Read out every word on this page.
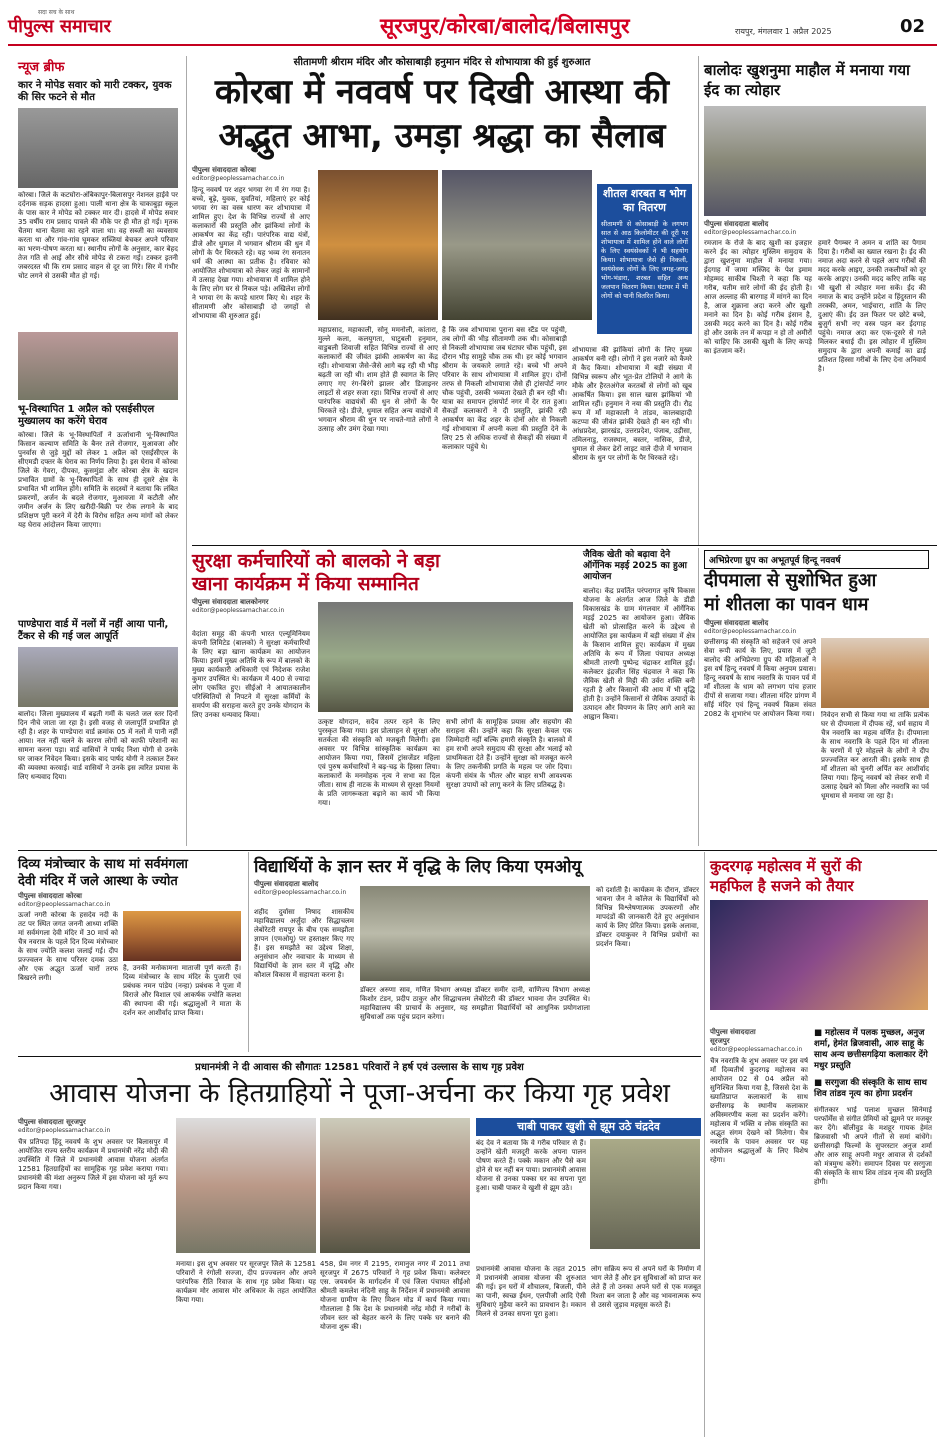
सदा सच के साथ
पीपुल्स समाचार	सूरजपुर/कोरबा/बालोद/बिलासपुर	रायपुर, मंगलवार 1 अप्रैल 2025	02
न्यूज ब्रीफ
कार ने मोपेड सवार को मारी टक्कर, युवक की सिर फटने से मौत
कोरबा। जिले के कटघोरा-अंबिकापुर-बिलासपुर नेशनल हाईवे पर दर्दनाक सड़क हादसा हुआ। पाली थाना क्षेत्र के चाकाबुड़ा स्कूल के पास कार ने मोपेड को टक्कर मार दी। हादसे में मोपेड सवार 35 वर्षीय राम प्रसाद पावले की मौके पर ही मौत हो गई। मृतक चैतमा थाना चैतमा का रहने वाला था। वह सब्जी का व्यवसाय करता था और गांव-गांव घूमकर सब्जियां बेचकर अपने परिवार का भरण-पोषण करता था। स्थानीय लोगों के अनुसार, कार बेहद तेज गति से आई और सीधे मोपेड से टकरा गई। टक्कर इतनी जबरदस्त थी कि राम प्रसाद वाहन से दूर जा गिरे। सिर में गंभीर चोट लगने से उसकी मौत हो गई।
भू-विस्थापित 1 अप्रैल को एसईसीएल मुख्यालय का करेंगे घेराव
कोरबा। जिले के भू-विस्थापितों ने ऊर्जाधानी भू-विस्थापित किसान कल्याण समिति के बैनर तले रोजगार, मुआवजा और पुनर्वास से जुड़े मुद्दों को लेकर 1 अप्रैल को एसईसीएल के सीएमडी दफ्तर के घेराव का निर्णय लिया है। इस घेराव में कोरबा जिले के गेवरा, दीपका, कुसमुंडा और कोरबा क्षेत्र के खदान प्रभावित ग्रामों के भू-विस्थापितों के साथ ही दूसरे क्षेत्र के प्रभावित भी शामिल होंगे। समिति के सदस्यों ने बताया कि लंबित प्रकरणों, अर्जन के बदले रोजगार, मुआवजा में कटौती और जमीन अर्जन के लिए खरीदी-बिक्री पर रोक लगाने के बाद प्रशिक्षण पूरी करने में देरी के विरोध सहित अन्य मांगों को लेकर यह घेराव आंदोलन किया जाएगा।
पाण्डेपारा वार्ड में नलों में नहीं आया पानी, टैंकर से की गई जल आपूर्ति
बालोद। जिला मुख्यालय में बढ़ती गर्मी के चलते जल स्तर दिनों दिन नीचे जाता जा रहा है। इसी वजह से जलापूर्ति प्रभावित हो रही है। शहर के पाण्डेपारा वार्ड क्रमांक 05 में नलों में पानी नहीं आया। नल नहीं चलने के कारण लोगों को काफी परेशानी का सामना करना पड़ा। वार्ड वासियों ने पार्षद निशा योगी से उनके घर जाकर निवेदन किया। इसके बाद पार्षद योगी ने तत्काल टैंकर की व्यवस्था करवाई। वार्ड वासियों ने उनके इस त्वरित प्रयास के लिए धन्यवाद दिया।
सीतामणी श्रीराम मंदिर और कोसाबाड़ी हनुमान मंदिर से शोभायात्रा की हुई शुरुआत
कोरबा में नववर्ष पर दिखी आस्था की
अद्भुत आभा, उमड़ा श्रद्धा का सैलाब
पीपुल्स संवाददाता कोरबा
editor@peoplessamachar.co.in
हिन्दू नववर्ष पर शहर भगवा रंग में रंग गया है। बच्चे, बूढ़े, युवक, युवतियां, महिलाएं हर कोई भगवा रंग का वस्त्र धारण कर शोभायात्रा में शामिल हुए। देश के विभिन्न राज्यों से आए कलाकारों की प्रस्तुति और झांकियां लोगों के आकर्षण का केंद्र रही। पारंपरिक वाद्य यंत्रों, डीजे और धुमाल में भगवान श्रीराम की धुन में लोगों के पैर थिरकते रहे। यह भव्य रंग सनातन धर्म की आस्था का प्रतीक है। रविवार को आयोजित शोभायात्रा को लेकर जहां के सामानों में उत्साह देखा गया। शोभायात्रा में शामिल होने के लिए लोग घर से निकल पड़े। अखिलेश लोगों ने भगवा रंग के कपड़े धारण किए थे। शहर के सीतामणी और कोसाबाड़ी दो जगहों से शोभायात्रा की शुरुआत हुई।
महाप्रसाद, महाकाली, सोनू ममनोली, कांतारा, मुल्ले कला, कलयुगता, घाटुबली हनुमान, वाडुबली शिवाजी सहित विभिन्न राज्यों से आए कलाकारों की जीवंत झांकी आकर्षण का केंद्र रही। शोभायात्रा जैसे-जैसे आगे बढ़ रही थी भीड़ बढ़ती जा रही थी। शाम होते ही स्वागत के लिए लगाए गए रंग-बिरंगे झालर और डिजाइनर लाइटों से शहर सजा रहा। विभिन्न राज्यों से आए पारंपरिक वाद्ययंत्रों की धुन से लोगों के पैर थिरकते रहे। डीजे, धुमाल सहित अन्य वाद्यंत्रों में भगवान श्रीराम की धुन पर नाचते-गाते लोगों ने उत्साह और उमंग देखा गया।
है कि जब शोभायात्रा पुराना बस स्टैंड पर पहुंची, तब लोगों की भीड़ सीतामणी तक थी। कोसाबाड़ी से निकली शोभायात्रा जब घंटाघर चौक पहुंची, इस दौरान भीड़ सामुहे चौक तक थी। हर कोई भगवान श्रीराम के जयकारे लगाते रहे। बच्चे भी अपने परिवार के साथ शोभायात्रा में शामिल हुए। दोनों तरफ से निकली शोभायात्रा जैसे ही ट्रांसपोर्ट नगर चौक पहुंची, उसकी भव्यता देखते ही बन रही थी। यात्रा का समापन ट्रांसपोर्ट नगर में देर रात हुआ। सैकड़ों कलाकारों ने दी प्रस्तुति, झांकी रही आकर्षण का केंद्र शहर के दोनों ओर से निकली गई शोभायात्रा में अपनी कला की प्रस्तुति देने के लिए 25 से अधिक राज्यों से सैकड़ों की संख्या में कलाकार पहुंचे थे।
शीतल शरबत व भोग का वितरण
सीतामणी से कोसाबाड़ी के लगभग सात से आठ किलोमीटर की दूरी पर शोभायात्रा में शामिल होने वाले लोगों के लिए स्वयंसेवकों ने भी सहयोग किया। शोभायात्रा जैसे ही निकली, स्वयंसेवक लोगों के लिए जगह-जगह भोग-भंडारा, शरबत सहित अन्य जलपान वितरण किया। घंटाघर में भी लोगों को पानी वितरित किया।
शोभायात्रा की झांकियां लोगों के लिए मुख्य आकर्षण बनी रही। लोगों ने इस नजारे को कैमरे में कैद किया। शोभायात्रा में बड़ी संख्या में विभिन्न स्वरूप और भूत-प्रेत टोलियों ने आगे के मौके और हैरतअंगेज करतबों से लोगों को खूब आकर्षित किया। इस साल खास झांकियां भी शामिल रहीं। हनुमान ने नया की प्रस्तुति दी। रौद्र रूप में माँ महाकाली ने तांडव, कालबाहादी कटप्पा की जीवंत झांकी देखते ही बन रही थी। आंध्रप्रदेश, झारखंड, उत्तरप्रदेश, पंजाब, उड़ीसा, तमिलनाडु, राजस्थान, बस्तर, नासिक, डीजे, धुमाल से लेकर ढेरों लाइट वाले दीजे में भगवान श्रीराम के धुन पर लोगों के पैर थिरकते रहे।
बालोदः खुशनुमा माहौल में मनाया गया ईद का त्योहार
पीपुल्स संवाददाता बालोद
editor@peoplessamachar.co.in
रमजान के रोजे के बाद खुशी का इजहार करने ईद का त्योहार मुस्लिम समुदाय के द्वारा खुशनुमा माहौल में मनाया गया। ईदगाह में जामा मस्जिद के पेश इमाम मोहम्मद साकीब चिश्ती ने कहा कि यह गरीब, यतीम सारे लोगों की ईद होती है। आज अल्लाह की बारगाह में मांगने का दिन है, आज शुक्राना अदा करने और खुशी मनाने का दिन है। कोई गरीब इंसान है, उसकी मदद करने का दिन है। कोई गरीब हो और उसके तन में कपड़ा न हो तो अमीरों को चाहिए कि उसकी खुशी के लिए कपड़े का इंतजाम करें।
हमारे पैगम्बर ने अमन व शांति का पैगाम दिया है। गरीबों का ख्याल रखना है। ईद की नमाज अदा करने से पहले आप गरीबों की मदद करके आइए, उनकी तकलीफों को दूर करके आइए। उनकी मदद करिए ताकि वह भी खुशी से त्योहार मना सकें। ईद की नमाज के बाद उन्होंने प्रदेश व हिंदुस्तान की तरक्की, अमन, भाईचारा, शांति के लिए दुआएं की। ईद उल फितर पर छोटे बच्चे, बुजुर्ग सभी नए वस्त्र पहन कर ईदगाह पहुंचे। नमाज अदा कर एक-दूसरे से गले मिलकर बधाई दी। इस त्योहार में मुस्लिम समुदाय के द्वारा अपनी कमाई का ढाई प्रतिशत हिस्सा गरीबों के लिए देना अनिवार्य है।
सुरक्षा कर्मचारियों को बालको ने बड़ा
खाना कार्यक्रम में किया सम्मानित
पीपुल्स संवाददाता बालकोनगर
editor@peoplessamachar.co.in
वेदांता समूह की कंपनी भारत एल्यूमिनियम कंपनी लिमिटेड (बालको) ने सुरक्षा कर्मचारियों के लिए बड़ा खाना कार्यक्रम का आयोजन किया। इसमें मुख्य अतिथि के रूप में बालको के मुख्य कार्यकारी अधिकारी एवं निदेशक राजेश कुमार उपस्थित थे। कार्यक्रम में 400 से ज्यादा लोग एकत्रित हुए। सीईओ ने आयातकालीन परिस्थितियों से निपटने में सुरक्षा कर्मियों के समर्पण की सराहना करते हुए उनके योगदान के लिए उनका धन्यवाद किया।
उत्कृष्ट योगदान, सदैव तत्पर रहने के लिए पुरस्कृत किया गया। इस प्रोत्साहन से सुरक्षा और सतर्कता की संस्कृति को मजबूती मिलेगी। इस अवसर पर विभिन्न सांस्कृतिक कार्यक्रम का आयोजन किया गया, जिसमें ट्रांसजेंडर महिला एवं पुरुष कर्मचारियों ने बढ़-चढ़ के हिस्सा लिया। कलाकारों के मनमोहक नृत्य ने सभा का दिल जीता। साथ ही नाटक के माध्यम से सुरक्षा नियमों के प्रति जागरूकता बढ़ाने का कार्य भी किया गया।
सभी लोगों के सामूहिक प्रयास और सहयोग की सराहना की। उन्होंने कहा कि सुरक्षा केवल एक जिम्मेदारी नहीं बल्कि हमारी संस्कृति है। बालको में हम सभी अपने समुदाय की सुरक्षा और भलाई को प्राथमिकता देते हैं। उन्होंने सुरक्षा को मजबूत करने के लिए तकनीकी प्रगति के महत्व पर जोर दिया। कंपनी संयंत्र के भीतर और बाहर सभी आवश्यक सुरक्षा उपायों को लागू करने के लिए प्रतिबद्ध है।
जैविक खेती को बढ़ावा देने ऑर्गेनिक मड़ई 2025 का हुआ आयोजन
बालोद। केंद्र प्रवर्तित परंपरागत कृषि विकास योजना के अंतर्गत आज जिले के डौंडी विकासखंड के ग्राम मंगलवार में ऑर्गेनिक मड़ई 2025 का आयोजन हुआ। जैविक खेती को प्रोत्साहित करने के उद्देश्य से आयोजित इस कार्यक्रम में बड़ी संख्या में क्षेत्र के किसान शामिल हुए। कार्यक्रम में मुख्य अतिथि के रूप में जिला पंचायत अध्यक्ष श्रीमती तारणी पुष्पेन्द्र चंद्राकर शामिल हुईं। कलेक्टर इंद्रजीत सिंह चंद्रवाल ने कहा कि जैविक खेती से मिट्टी की उर्वरा शक्ति बनी रहती है और किसानों की आय में भी वृद्धि होती है। उन्होंने किसानों से जैविक उत्पादों के उत्पादन और विपणन के लिए आगे आने का आह्वान किया।
अभिप्रेरणा ग्रुप का अभूतपूर्व हिन्दू नववर्ष
दीपमाला से सुशोभित हुआ
मां शीतला का पावन धाम
पीपुल्स संवाददाता बालोद
editor@peoplessamachar.co.in
छत्तीसगढ़ की संस्कृति को सहेजने एवं अपने सेवा रूपी कार्य के लिए, प्रयास में जुटी बालोद की अभिप्रेरणा ग्रुप की महिलाओं ने इस वर्ष हिन्दू नववर्ष में किया अनुपम प्रयास। हिन्दू नववर्ष के साथ नवरात्रि के पावन पर्व में माँ शीतला के धाम को लगभग पांच हजार दीपों से सजाया गया। शीतला मंदिर प्रांगण में साँई मंदिर एवं हिन्दू नववर्ष विक्रम संवत 2082 के शुभारंभ पर आयोजन किया गया। निवेदन सभी से किया गया था ताकि प्रत्येक घर से दीपमाला में दीपक रहें, धर्म सहाय में चैत्र नवरात्रि का महत्व वर्णित है। दीपमाला के साथ नवरात्रि के पहले दिन मां शीतला के चरणों में पूरे मोहल्ले के लोगों ने दीप प्रज्ज्वलित कर आरती की। इसके साथ ही माँ शीतला को चुनरी अर्पित कर आशीर्वाद लिया गया। हिन्दू नववर्ष को लेकर सभी में उत्साह देखने को मिला और नवरात्रि का पर्व धूमधाम से मनाया जा रहा है।
दिव्य मंत्रोच्चार के साथ मां सर्वमंगला
देवी मंदिर में जले आस्था के ज्योत
पीपुल्स संवाददाता कोरबा
editor@peoplessamachar.co.in
ऊर्जा नगरी कोरबा के हसदेव नदी के तट पर स्थित जगत जननी आध्या शक्ति मां सर्वमंगला देवी मंदिर में 30 मार्च को चैत्र नवरात्र के पहले दिन दिव्य मंत्रोच्चार के साथ ज्योति कलश जलाई गई। दीप प्रज्ज्वलन के साथ परिसर दमक उठा और एक अद्भुत ऊर्जा चारों तरफ बिखरने लगी।
है, उनकी मनोकामना माताजी पूर्ण करती हैं। दिव्य मंत्रोच्चार के साथ मंदिर के पुजारी एवं प्रबंधक नमन पांडेय (नन्हा) प्रबंधक ने पूजा में विराजे और विशाल एवं आकर्षक ज्योति कलश की स्थापना की गई। श्रद्धालुओं ने माता के दर्शन कर आशीर्वाद प्राप्त किया।
विद्यार्थियों के ज्ञान स्तर में वृद्धि के लिए किया एमओयू
पीपुल्स संवाददाता बालोद
editor@peoplessamachar.co.in
शहीद दुर्वासा निषाद शासकीय महाविद्यालय अर्जुंदा और सिद्धाचलम लेबोरेटरी रायपुर के बीच एक समझौता ज्ञापन (एमओयू) पर हस्ताक्षर किए गए हैं। इस समझौते का उद्देश्य शिक्षा, अनुसंधान और नवाचार के माध्यम से विद्यार्थियों के ज्ञान स्तर में वृद्धि और कौशल विकास में सहायता करना है।
डॉक्टर अरुणा साव, गणित विभाग अध्यक्ष डॉक्टर समीर दानी, वाणिज्य विभाग अध्यक्ष किशोर टंडन, प्रदीप ठाकुर और सिद्धाचलम लेबोरेटरी की डॉक्टर भावना जैन उपस्थित थे। महाविद्यालय की प्राचार्य के अनुसार, यह समझौता विद्यार्थियों को आधुनिक प्रयोगशाला सुविधाओं तक पहुंच प्रदान करेगा।
को दर्शाती है। कार्यक्रम के दौरान, डॉक्टर भावना जैन ने कॉलेज के विद्यार्थियों को विभिन्न विश्लेषणात्मक उपकरणों और मापदंडों की जानकारी देते हुए अनुसंधान कार्य के लिए प्रेरित किया। इसके अलावा, डॉक्टर दयाकुवर ने विभिन्न प्रयोगों का प्रदर्शन किया।
कुदरगढ़ महोत्सव में सुरों की
महफिल है सजने को तैयार
पीपुल्स संवाददाता
सूरजपुर
editor@peoplessamachar.co.in
चैत्र नवरात्रि के शुभ अवसर पर इस वर्ष माँ दिव्यतीर्थ कुदरगढ़ महोत्सव का आयोजन 02 से 04 अप्रैल को सुनिश्चित किया गया है, जिससे देश के ख्यातिप्राप्त कलाकारों के साथ छत्तीसगढ़ के स्थानीय कलाकार अविस्मरणीय कला का प्रदर्शन करेंगे। महोत्सव में भक्ति व लोक संस्कृति का अद्भुत संगम देखने को मिलेगा। चैत्र नवरात्रि के पावन अवसर पर यह आयोजन श्रद्धालुओं के लिए विशेष रहेगा।
■ महोत्सव में पलक मुच्छल, अनुज शर्मा, हेमंत ब्रिजवासी, आरु साहू के साथ अन्य छत्तीसगढ़िया कलाकार देंगे मधुर प्रस्तुति
■ सरगुजा की संस्कृति के साथ साथ शिव तांडव नृत्य का होगा प्रदर्शन
संगीतकार भाई पलाश मुच्छल सिनेमाई परफॉर्मेंस से संगीत प्रेमियों को झूमने पर मजबूर कर देंगे। बॉलीवुड के मशहूर गायक हेमंत ब्रिजवासी भी अपने गीतों से समां बांधेंगे। छत्तीसगढ़ी फिल्मों के सुपरस्टार अनुज शर्मा और आरु साहू अपनी मधुर आवाज से दर्शकों को मंत्रमुग्ध करेंगे। समापन दिवस पर सरगुजा की संस्कृति के साथ शिव तांडव नृत्य की प्रस्तुति होगी।
प्रधानमंत्री ने दी आवास की सौगातः 12581 परिवारों ने हर्ष एवं उल्लास के साथ गृह प्रवेश
आवास योजना के हितग्राहियों ने पूजा-अर्चना कर किया गृह प्रवेश
पीपुल्स संवाददाता सूरजपुर
editor@peoplessamachar.co.in
चैत्र प्रतिपदा हिंदू नववर्ष के शुभ अवसर पर बिलासपुर में आयोजित राज्य स्तरीय कार्यक्रम में प्रधानमंत्री नरेंद्र मोदी की उपस्थिति में जिले में प्रधानमंत्री आवास योजना अंतर्गत 12581 हितग्राहियों का सामूहिक गृह प्रवेश कराया गया। प्रधानमंत्री की मंशा अनुरूप जिले में इस योजना को मूर्त रूप प्रदान किया गया।
मनाया। इस शुभ अवसर पर सूरजपुर जिले के 12581 परिवारों ने रंगोली सज्जा, दीप प्रज्ज्वलन और अपने पारंपरिक रीति रिवाज के साथ गृह प्रवेश किया। यह कार्यक्रम मोर आवास मोर अधिकार के तहत आयोजित किया गया।
458, प्रेम नगर में 2195, रामानुज नगर में 2011 तथा सूरजपुर में 2675 परिवारों ने गृह प्रवेश किया। कलेक्टर एस. जयवर्धन के मार्गदर्शन में एवं जिला पंचायत सीईओ श्रीमती कमलेश नंदिनी साहू के निर्देशन में प्रधानमंत्री आवास योजना ग्रामीण के लिए मिशन मोड में कार्य किया गया। गौतलाला है कि देश के प्रधानमंत्री नरेंद्र मोदी ने गरीबों के जीवन स्तर को बेहतर करने के लिए पक्के घर बनाने की योजना शुरू की।
चाबी पाकर खुशी से झूम उठे चंद्रदेव
बंद देव ने बताया कि वे गरीब परिवार से हैं। उन्होंने खेती मजदूरी करके अपना पालन पोषण करते हैं। पक्के मकान और पैसे कम होने से घर नहीं बन पाया। प्रधानमंत्री आवास योजना से उनका पक्का घर का सपना पूरा हुआ। चाबी पाकर वे खुशी से झूम उठे।
प्रधानमंत्री आवास योजना के तहत 2015 में प्रधानमंत्री आवास योजना की शुरुआत की गई। इन घरों में शौचालय, बिजली, पीने का पानी, स्वच्छ ईंधन, एलपीजी आदि ऐसी सुविधाएं मुहैया करने का प्रावधान है। मकान मिलने से उनका सपना पूरा हुआ।
लोग सक्रिय रूप से अपने घरों के निर्माण में भाग लेते हैं और इन सुविधाओं को प्राप्त कर लेते हैं तो उनका अपने घरों से एक मजबूत रिश्ता बन जाता है और वह भावनात्मक रूप से उससे जुड़ाव महसूस करते हैं।
